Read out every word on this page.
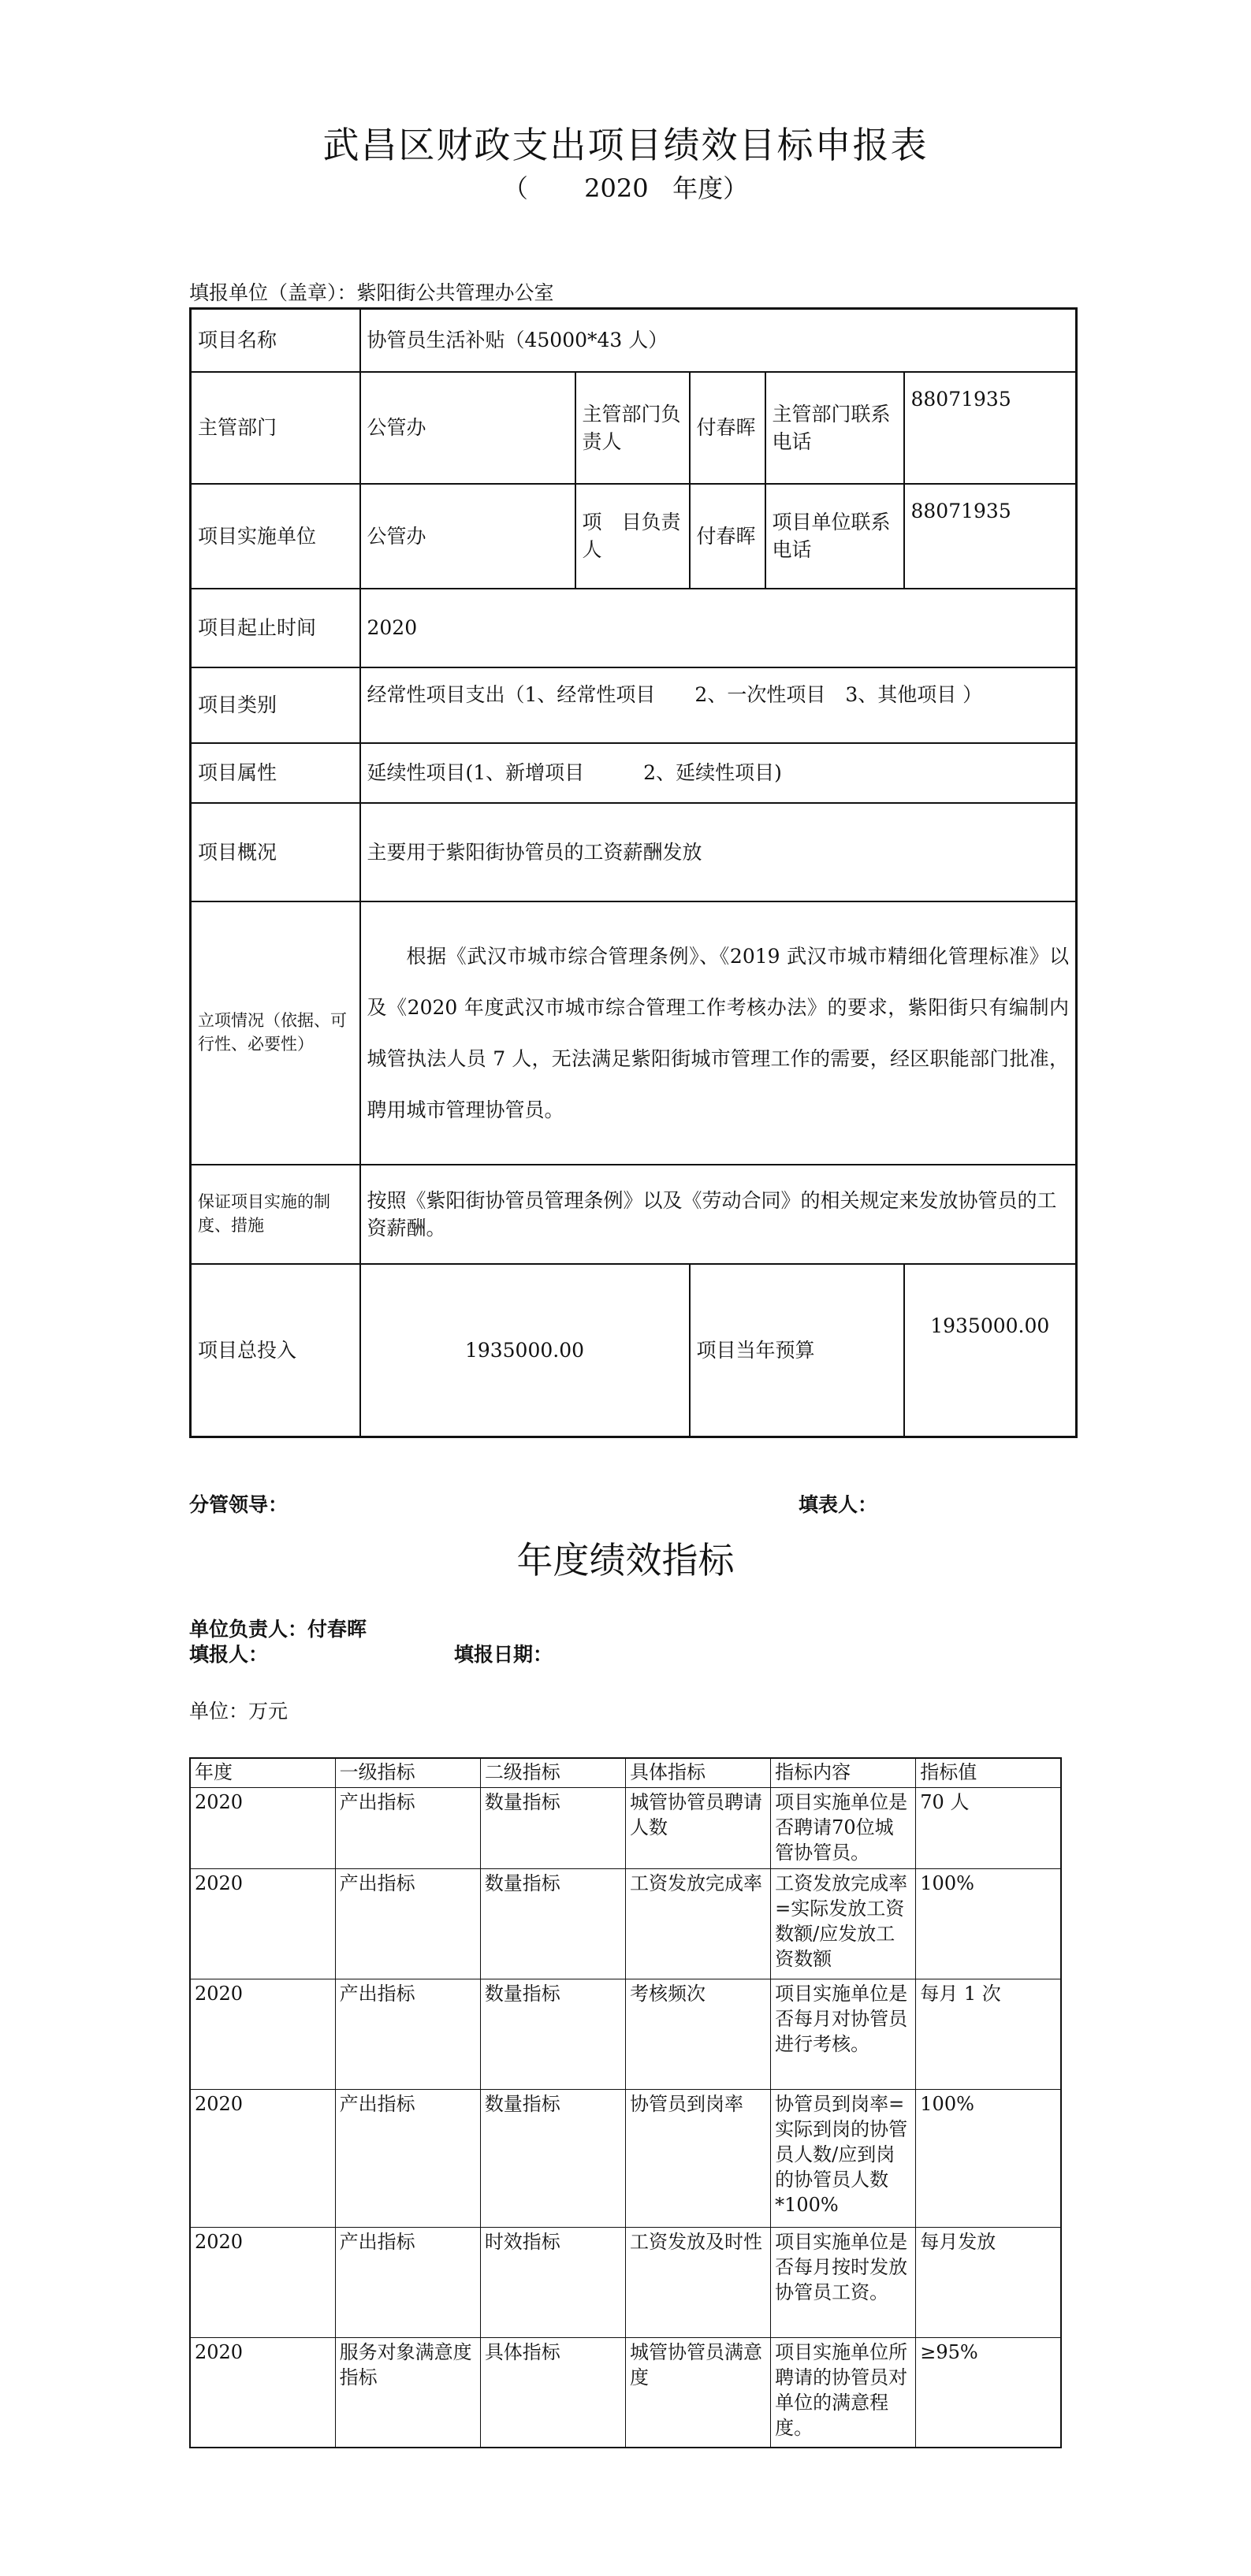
武昌区财政支出项目绩效目标申报表
（       2020   年度）
填报单位（盖章）：紫阳街公共管理办公室
项目名称	协管员生活补贴（45000*43 人）				
主管部门	公管办	主管部门负责人	付春晖	主管部门联系电话	88071935
项目实施单位	公管办	项　目负责人	付春晖	项目单位联系电话	88071935
项目起止时间	2020				
项目类别	经常性项目支出（1、经常性项目　　2、一次性项目　3、其他项目 ）				
项目属性	延续性项目(1、新增项目　　　2、延续性项目)				
项目概况	主要用于紫阳街协管员的工资薪酬发放				
立项情况（依据、可行性、必要性）	根据《武汉市城市综合管理条例》、《2019 武汉市城市精细化管理标准》以及《2020 年度武汉市城市综合管理工作考核办法》的要求，紫阳街只有编制内城管执法人员 7 人，无法满足紫阳街城市管理工作的需要，经区职能部门批准，聘用城市管理协管员。				
保证项目实施的制度、措施	按照《紫阳街协管员管理条例》以及《劳动合同》的相关规定来发放协管员的工资薪酬。				
项目总投入	1935000.00		项目当年预算		1935000.00
分管领导：	填表人：
年度绩效指标
单位负责人：付春晖
填报人：	填报日期：
单位：万元
年度	一级指标	二级指标	具体指标	指标内容	指标值
2020	产出指标	数量指标	城管协管员聘请人数	项目实施单位是否聘请70位城管协管员。	70 人
2020	产出指标	数量指标	工资发放完成率	工资发放完成率=实际发放工资数额/应发放工资数额	100%
2020	产出指标	数量指标	考核频次	项目实施单位是否每月对协管员进行考核。	每月 1 次
2020	产出指标	数量指标	协管员到岗率	协管员到岗率=实际到岗的协管员人数/应到岗的协管员人数*100%	100%
2020	产出指标	时效指标	工资发放及时性	项目实施单位是否每月按时发放协管员工资。	每月发放
2020	服务对象满意度指标	具体指标	城管协管员满意度	项目实施单位所聘请的协管员对单位的满意程度。	≥95%
